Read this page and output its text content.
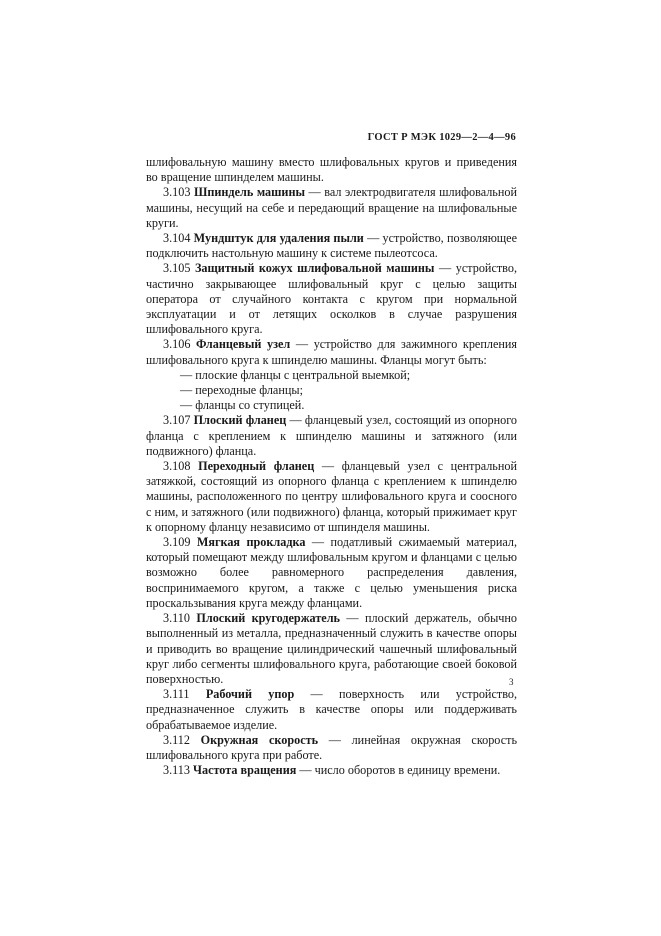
ГОСТ Р МЭК 1029—2—4—96

шлифовальную машину вместо шлифовальных кругов и приведения во вращение шпинделем машины.

3.103 Шпиндель машины — вал электродвигателя шлифовальной машины, несущий на себе и передающий вращение на шлифовальные круги.

3.104 Мундштук для удаления пыли — устройство, позволяющее подключить настольную машину к системе пылеотсоса.

3.105 Защитный кожух шлифовальной машины — устройство, частично закрывающее шлифовальный круг с целью защиты оператора от случайного контакта с кругом при нормальной эксплуатации и от летящих осколков в случае разрушения шлифовального круга.

3.106 Фланцевый узел — устройство для зажимного крепления шлифовального круга к шпинделю машины. Фланцы могут быть:

— плоские фланцы с центральной выемкой;

— переходные фланцы;

— фланцы со ступицей.

3.107 Плоский фланец — фланцевый узел, состоящий из опорного фланца с креплением к шпинделю машины и затяжного (или подвижного) фланца.

3.108 Переходный фланец — фланцевый узел с центральной затяжкой, состоящий из опорного фланца с креплением к шпинделю машины, расположенного по центру шлифовального круга и соосного с ним, и затяжного (или подвижного) фланца, который прижимает круг к опорному фланцу независимо от шпинделя машины.

3.109 Мягкая прокладка — податливый сжимаемый материал, который помещают между шлифовальным кругом и фланцами с целью возможно более равномерного распределения давления, воспринимаемого кругом, а также с целью уменьшения риска проскальзывания круга между фланцами.

3.110 Плоский кругодержатель — плоский держатель, обычно выполненный из металла, предназначенный служить в качестве опоры и приводить во вращение цилиндрический чашечный шлифовальный круг либо сегменты шлифовального круга, работающие своей боковой поверхностью.

3.111 Рабочий упор — поверхность или устройство, предназначенное служить в качестве опоры или поддерживать обрабатываемое изделие.

3.112 Окружная скорость — линейная окружная скорость шлифовального круга при работе.

3.113 Частота вращения — число оборотов в единицу времени.

3
